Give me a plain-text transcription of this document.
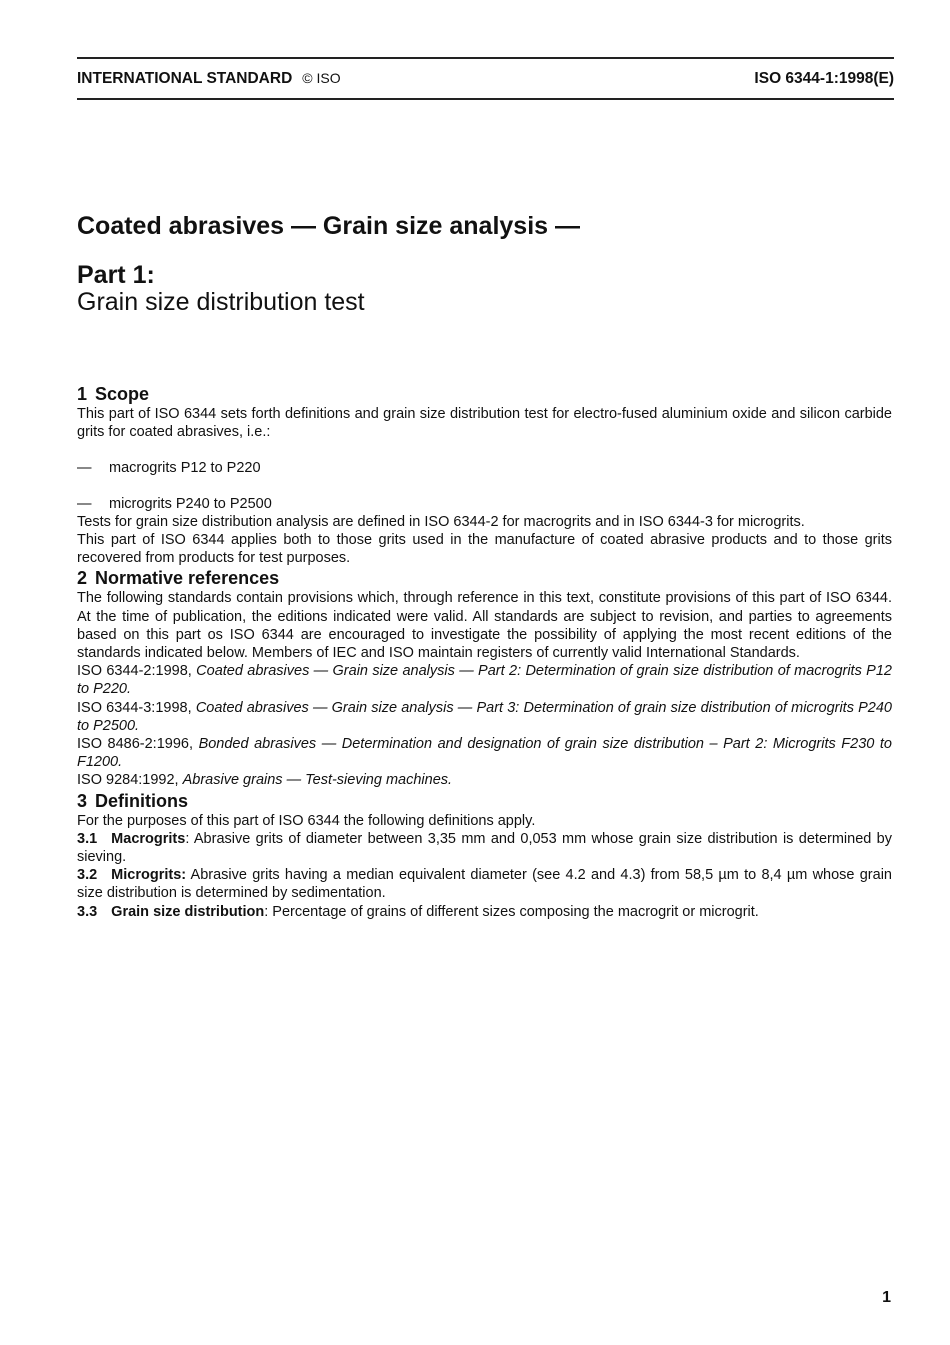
INTERNATIONAL STANDARD © ISO	ISO 6344-1:1998(E)
Coated abrasives — Grain size analysis —
Part 1:
Grain size distribution test
1 Scope

This part of ISO 6344 sets forth definitions and grain size distribution test for electro-fused aluminium oxide and silicon carbide grits for coated abrasives, i.e.:

—	macrogrits P12 to P220
—	microgrits P240 to P2500

Tests for grain size distribution analysis are defined in ISO 6344-2 for macrogrits and in ISO 6344-3 for microgrits.

This part of ISO 6344 applies both to those grits used in the manufacture of coated abrasive products and to those grits recovered from products for test purposes.

2 Normative references

The following standards contain provisions which, through reference in this text, constitute provisions of this part of ISO 6344. At the time of publication, the editions indicated were valid. All standards are subject to revision, and parties to agreements based on this part os ISO 6344 are encouraged to investigate the possibility of applying the most recent editions of the standards indicated below. Members of IEC and ISO maintain registers of currently valid International Standards.

ISO 6344-2:1998, Coated abrasives — Grain size analysis — Part 2: Determination of grain size distribution of macrogrits P12 to P220.

ISO 6344-3:1998, Coated abrasives — Grain size analysis — Part 3: Determination of grain size distribution of microgrits P240 to P2500.

ISO 8486-2:1996, Bonded abrasives — Determination and designation of grain size distribution – Part 2: Microgrits F230 to F1200.

ISO 9284:1992, Abrasive grains — Test-sieving machines.

3 Definitions

For the purposes of this part of ISO 6344 the following definitions apply.

3.1 Macrogrits: Abrasive grits of diameter between 3,35 mm and 0,053 mm whose grain size distribution is determined by sieving.

3.2 Microgrits: Abrasive grits having a median equivalent diameter (see 4.2 and 4.3) from 58,5 µm to 8,4 µm whose grain size distribution is determined by sedimentation.

3.3 Grain size distribution: Percentage of grains of different sizes composing the macrogrit or microgrit.

1
